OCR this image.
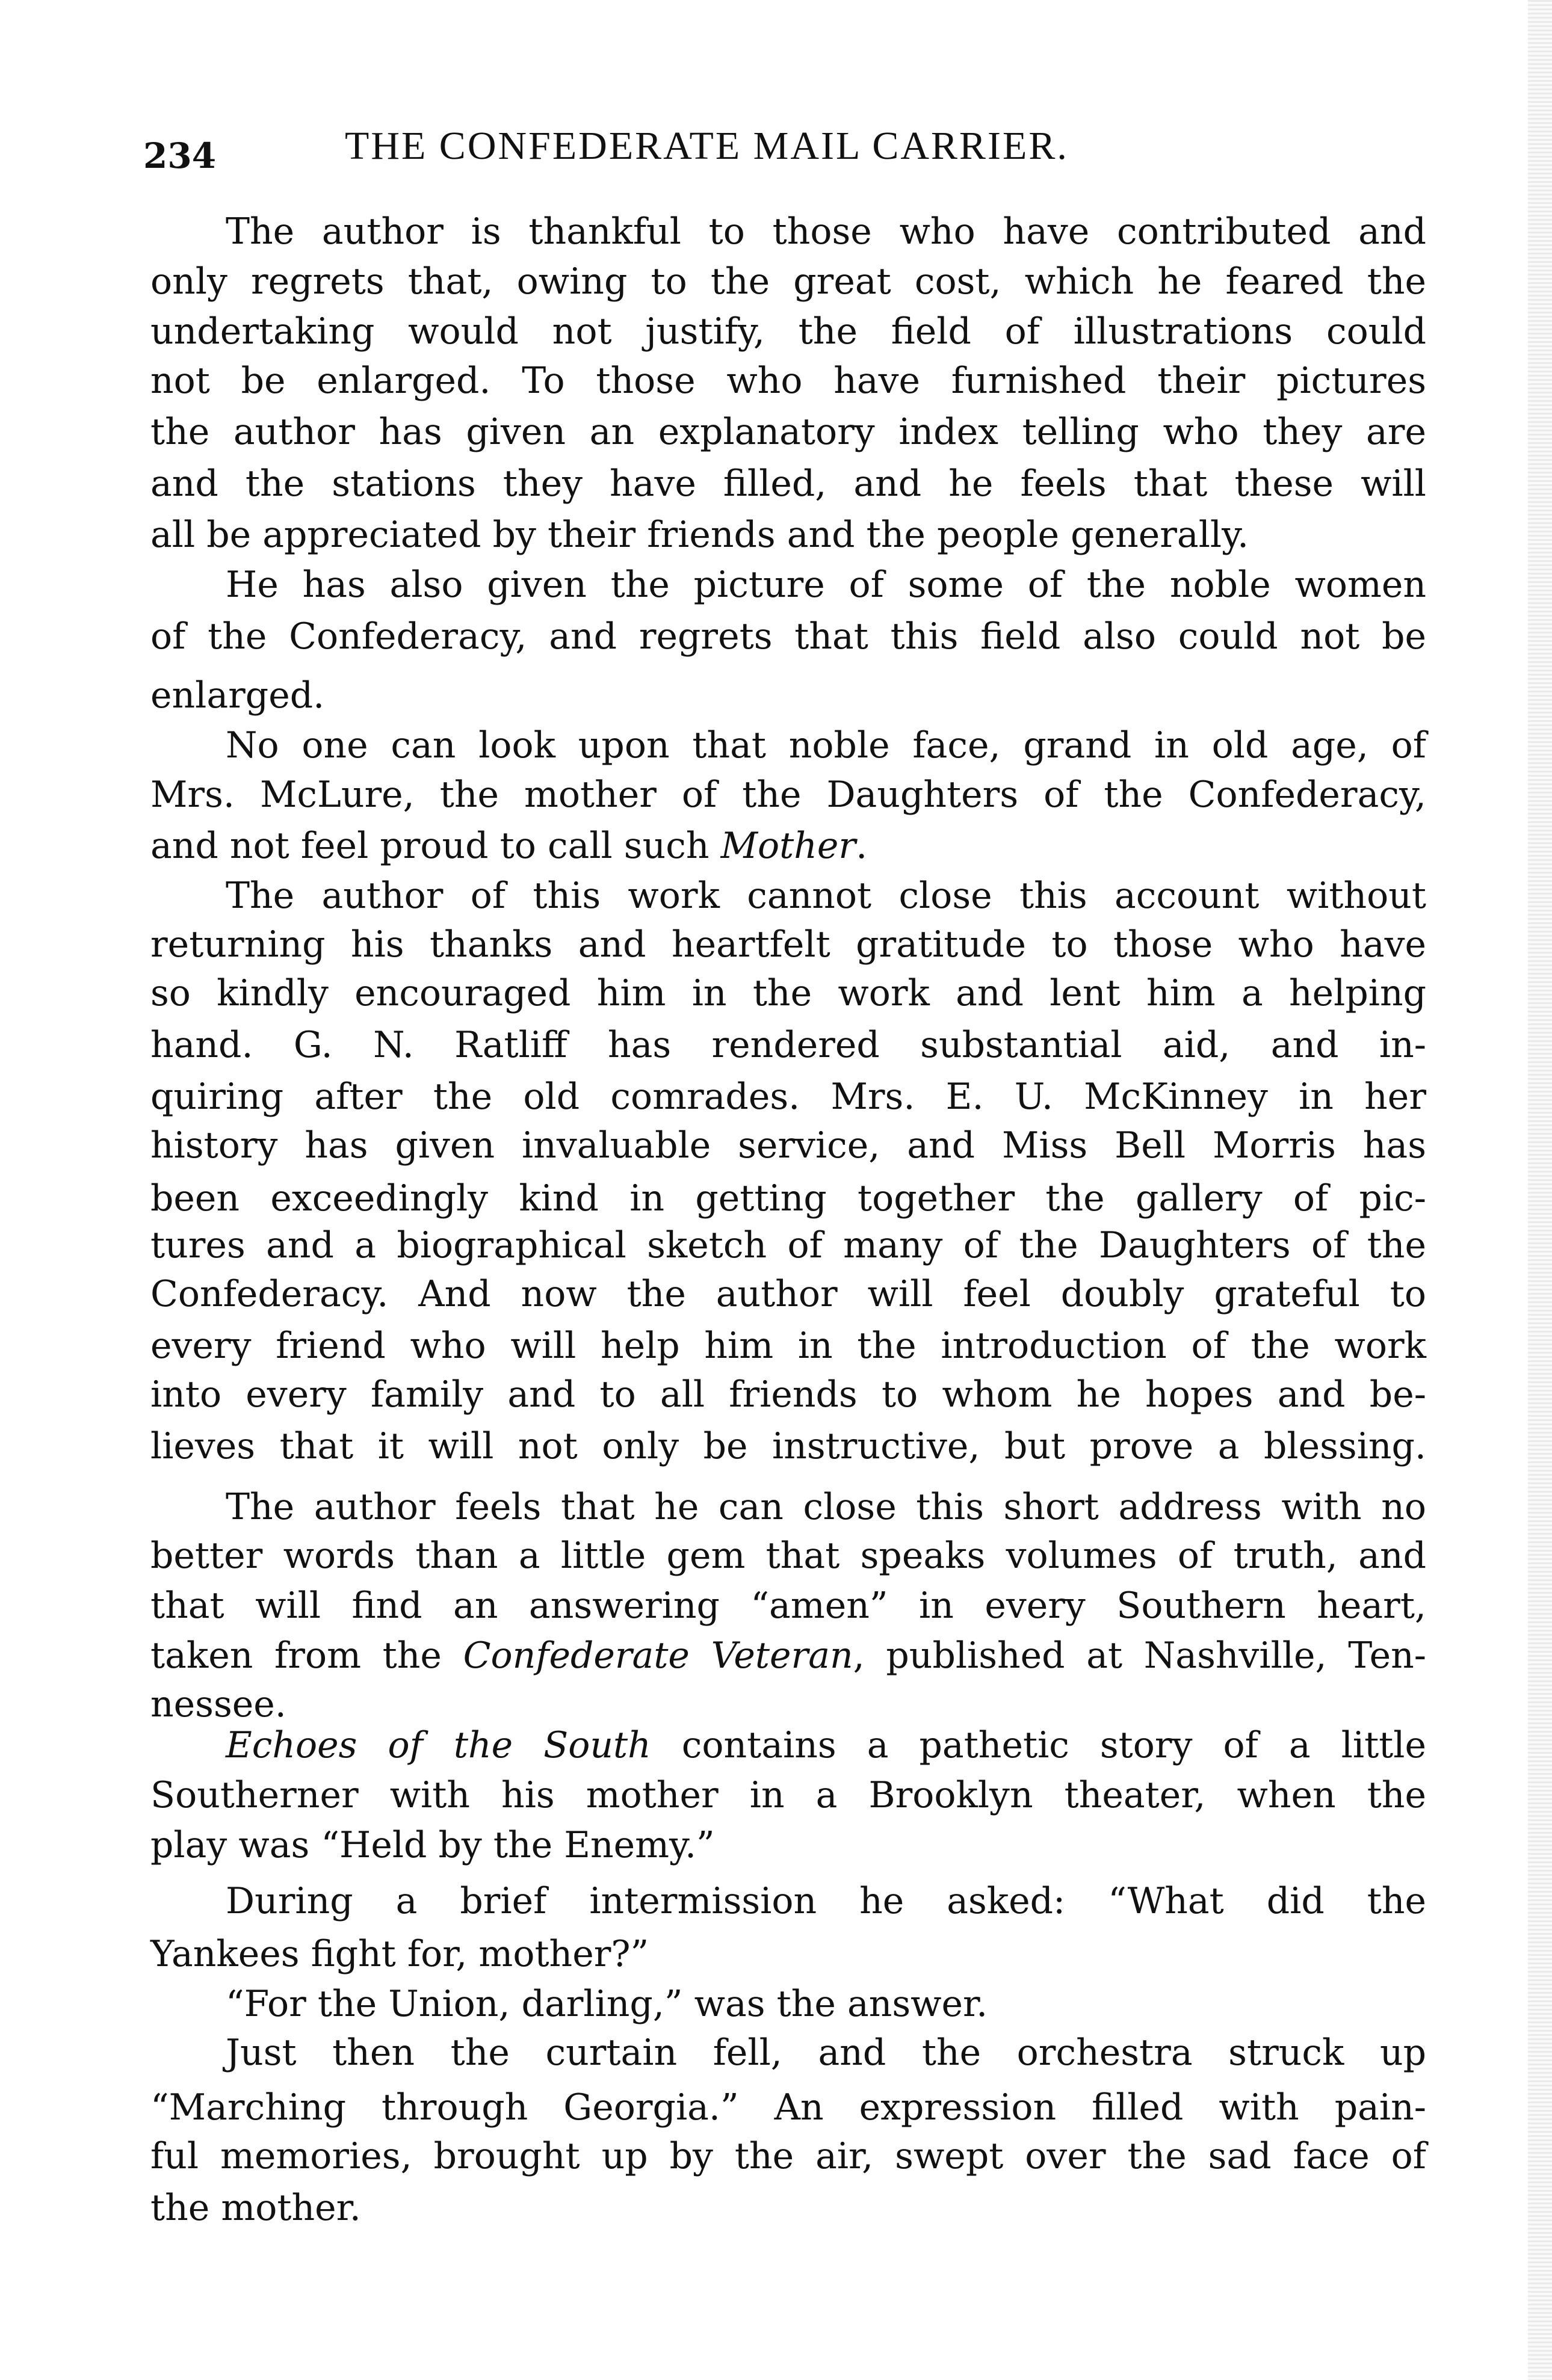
234	THE CONFEDERATE MAIL CARRIER.
The author is thankful to those who have contributed and
only regrets that, owing to the great cost, which he feared the
undertaking would not justify, the field of illustrations could
not be enlarged. To those who have furnished their pictures
the author has given an explanatory index telling who they are
and the stations they have filled, and he feels that these will
all be appreciated by their friends and the people generally.
He has also given the picture of some of the noble women
of the Confederacy, and regrets that this field also could not be
enlarged.
No one can look upon that noble face, grand in old age, of
Mrs. McLure, the mother of the Daughters of the Confederacy,
and not feel proud to call such Mother.
The author of this work cannot close this account without
returning his thanks and heartfelt gratitude to those who have
so kindly encouraged him in the work and lent him a helping
hand. G. N. Ratliff has rendered substantial aid, and in-
quiring after the old comrades. Mrs. E. U. McKinney in her
history has given invaluable service, and Miss Bell Morris has
been exceedingly kind in getting together the gallery of pic-
tures and a biographical sketch of many of the Daughters of the
Confederacy. And now the author will feel doubly grateful to
every friend who will help him in the introduction of the work
into every family and to all friends to whom he hopes and be-
lieves that it will not only be instructive, but prove a blessing.
The author feels that he can close this short address with no
better words than a little gem that speaks volumes of truth, and
that will find an answering “amen” in every Southern heart,
taken from the Confederate Veteran, published at Nashville, Ten-
nessee.
Echoes of the South contains a pathetic story of a little
Southerner with his mother in a Brooklyn theater, when the
play was “Held by the Enemy.”
During a brief intermission he asked: “What did the
Yankees fight for, mother?”
“For the Union, darling,” was the answer.
Just then the curtain fell, and the orchestra struck up
“Marching through Georgia.” An expression filled with pain-
ful memories, brought up by the air, swept over the sad face of
the mother.
